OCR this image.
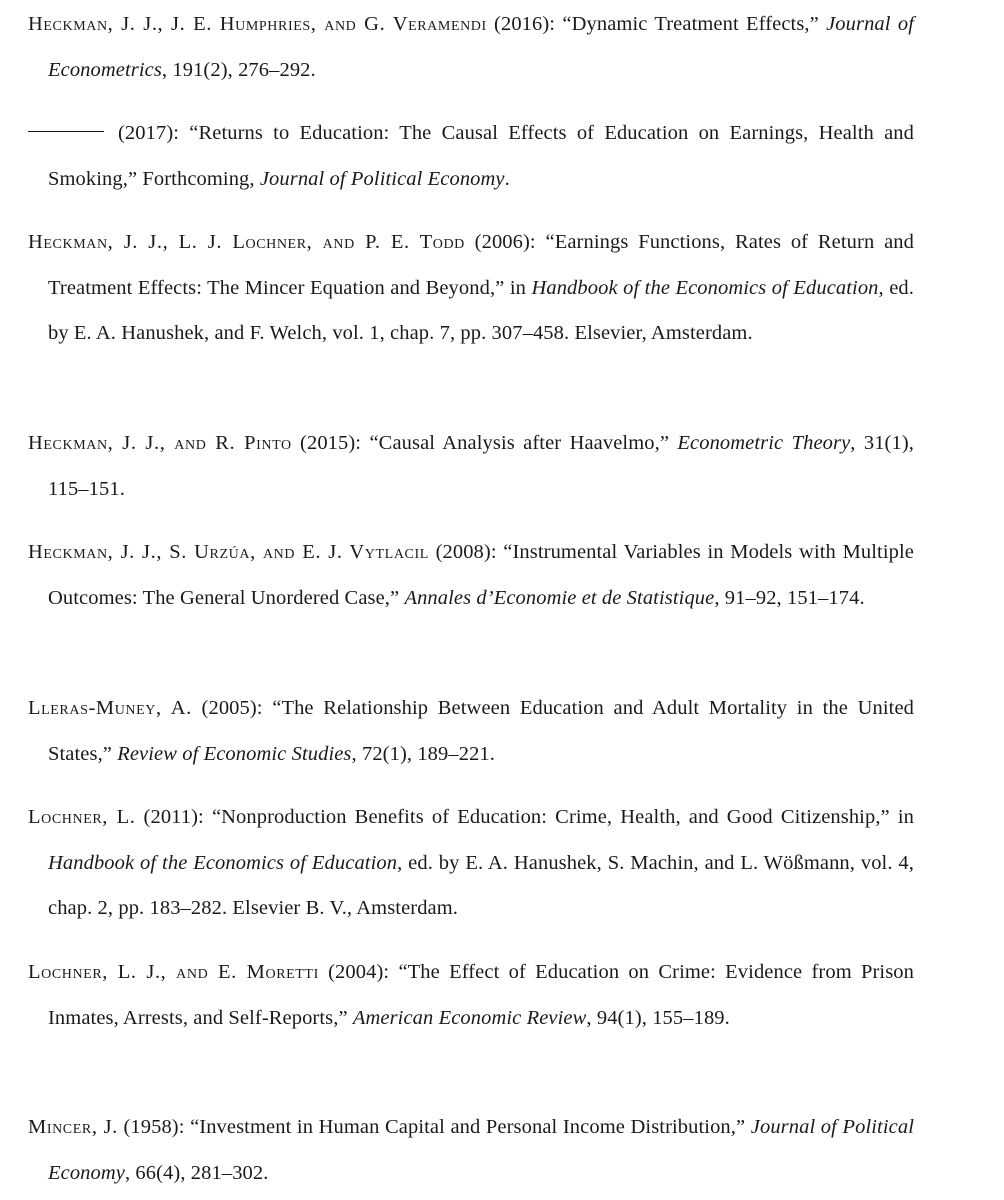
Heckman, J. J., J. E. Humphries, and G. Veramendi (2016): “Dynamic Treatment Effects,” Journal of Econometrics, 191(2), 276–292.
(2017): “Returns to Education: The Causal Effects of Education on Earnings, Health and Smoking,” Forthcoming, Journal of Political Economy.
Heckman, J. J., L. J. Lochner, and P. E. Todd (2006): “Earnings Functions, Rates of Return and Treatment Effects: The Mincer Equation and Beyond,” in Handbook of the Economics of Education, ed. by E. A. Hanushek, and F. Welch, vol. 1, chap. 7, pp. 307–458. Elsevier, Amsterdam.
Heckman, J. J., and R. Pinto (2015): “Causal Analysis after Haavelmo,” Econometric Theory, 31(1), 115–151.
Heckman, J. J., S. Urzúa, and E. J. Vytlacil (2008): “Instrumental Variables in Models with Multiple Outcomes: The General Unordered Case,” Annales d’Economie et de Statistique, 91–92, 151–174.
Lleras-Muney, A. (2005): “The Relationship Between Education and Adult Mortality in the United States,” Review of Economic Studies, 72(1), 189–221.
Lochner, L. (2011): “Nonproduction Benefits of Education: Crime, Health, and Good Citizenship,” in Handbook of the Economics of Education, ed. by E. A. Hanushek, S. Machin, and L. Wößmann, vol. 4, chap. 2, pp. 183–282. Elsevier B. V., Amsterdam.
Lochner, L. J., and E. Moretti (2004): “The Effect of Education on Crime: Evidence from Prison Inmates, Arrests, and Self-Reports,” American Economic Review, 94(1), 155–189.
Mincer, J. (1958): “Investment in Human Capital and Personal Income Distribution,” Journal of Political Economy, 66(4), 281–302.
